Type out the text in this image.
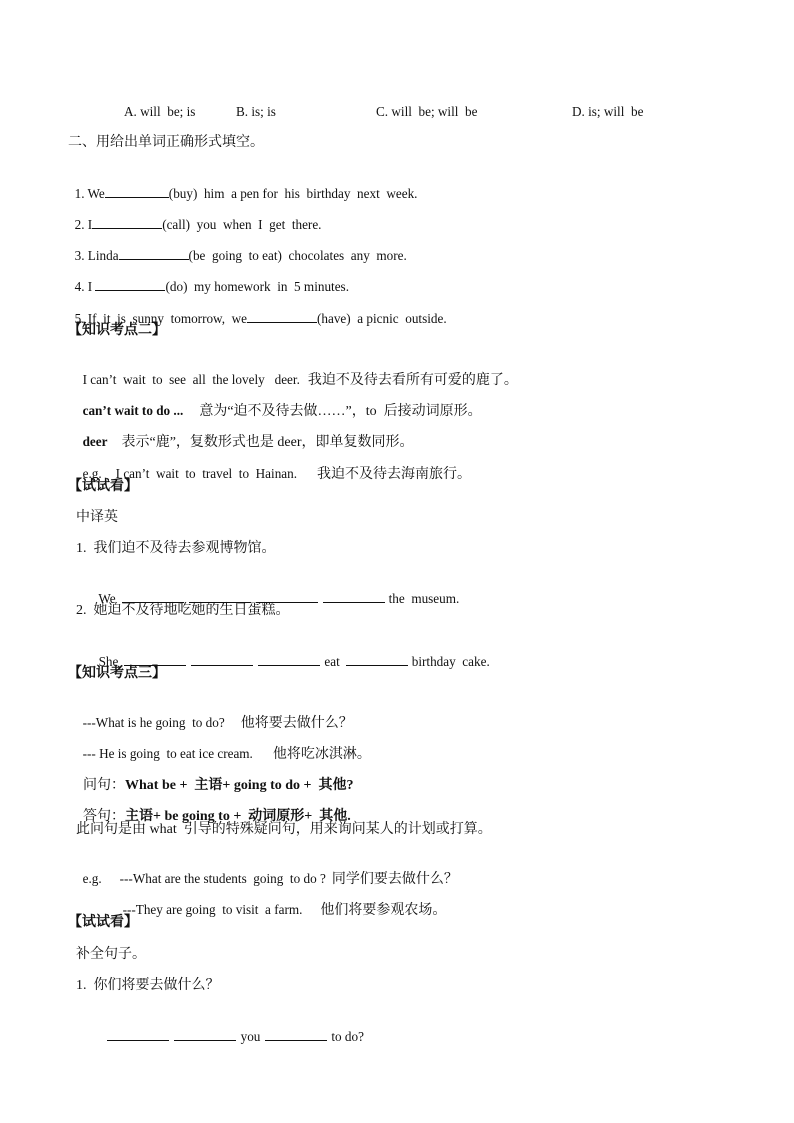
A. will  be; is	B. is; is	C. will  be; will  be	D. is; will  be
二、用给出单词正确形式填空。

1. We	(buy)  him  a pen for  his  birthday  next  week.

2. I	(call)  you  when  I  get  there.

3. Linda	(be  going  to eat)  chocolates  any  more.

4. I	(do)  my homework  in  5 minutes.

5. If  it  is  sunny  tomorrow,  we	(have)  a picnic  outside.

【知识考点二】

I can’t  wait  to  see  all  the lovely   deer. 我迫不及待去看所有可爱的鹿了。

can’t wait to do ... 意为“迫不及待去做……”，to  后接动词原形。

deer 表示“鹿”，复数形式也是 deer，即单复数同形。

e.g. I can’t  wait  to  travel  to  Hainan. 我迫不及待去海南旅行。

【试试看】
中译英
1.  我们迫不及待去参观博物馆。

We	the  museum.

2.  她迫不及待地吃她的生日蛋糕。

She	eat	birthday  cake.

【知识考点三】

---What is he going  to do? 他将要去做什么？

--- He is going  to eat ice cream. 他将吃冰淇淋。

问句：What be +  主语+ going to do +  其他?

答句：主语+ be going to +  动词原形+  其他.

此问句是由 what  引导的特殊疑问句，用来询问某人的计划或打算。

e.g. ---What are the students  going  to do ? 同学们要去做什么？

---They are going  to visit  a farm. 他们将要参观农场。

【试试看】
补全句子。
1.  你们将要去做什么？

you	to do?
